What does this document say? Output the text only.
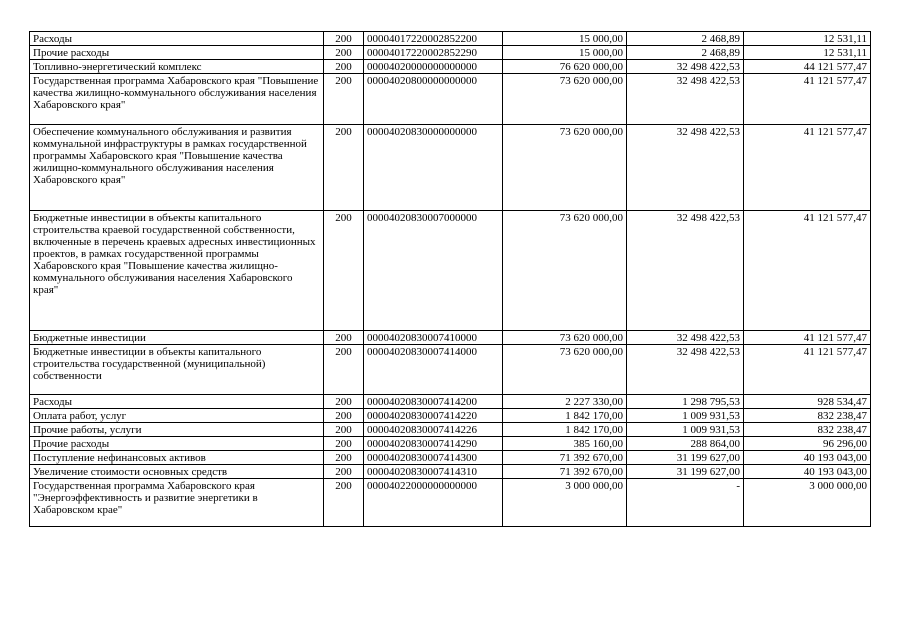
Расходы	200	00004017220002852200	15 000,00	2 468,89	12 531,11
Прочие расходы	200	00004017220002852290	15 000,00	2 468,89	12 531,11
Топливно-энергетический комплекс	200	00004020000000000000	76 620 000,00	32 498 422,53	44 121 577,47
Государственная программа Хабаровского края "Повышение качества жилищно-коммунального обслуживания населения Хабаровского края"	200	00004020800000000000	73 620 000,00	32 498 422,53	41 121 577,47
Обеспечение коммунального обслуживания и развития коммунальной инфраструктуры в рамках государственной программы Хабаровского края "Повышение качества жилищно-коммунального обслуживания населения Хабаровского края"	200	00004020830000000000	73 620 000,00	32 498 422,53	41 121 577,47
Бюджетные инвестиции в объекты капитального строительства краевой государственной собственности, включенные в перечень краевых адресных инвестиционных проектов, в рамках государственной программы Хабаровского края "Повышение качества жилищно-коммунального обслуживания населения Хабаровского края"	200	00004020830007000000	73 620 000,00	32 498 422,53	41 121 577,47
Бюджетные инвестиции	200	00004020830007410000	73 620 000,00	32 498 422,53	41 121 577,47
Бюджетные инвестиции в объекты капитального строительства государственной (муниципальной) собственности	200	00004020830007414000	73 620 000,00	32 498 422,53	41 121 577,47
Расходы	200	00004020830007414200	2 227 330,00	1 298 795,53	928 534,47
Оплата работ, услуг	200	00004020830007414220	1 842 170,00	1 009 931,53	832 238,47
Прочие работы, услуги	200	00004020830007414226	1 842 170,00	1 009 931,53	832 238,47
Прочие расходы	200	00004020830007414290	385 160,00	288 864,00	96 296,00
Поступление нефинансовых активов	200	00004020830007414300	71 392 670,00	31 199 627,00	40 193 043,00
Увеличение стоимости основных средств	200	00004020830007414310	71 392 670,00	31 199 627,00	40 193 043,00
Государственная программа Хабаровского края "Энергоэффективность и развитие энергетики в Хабаровском крае"	200	00004022000000000000	3 000 000,00	-	3 000 000,00
